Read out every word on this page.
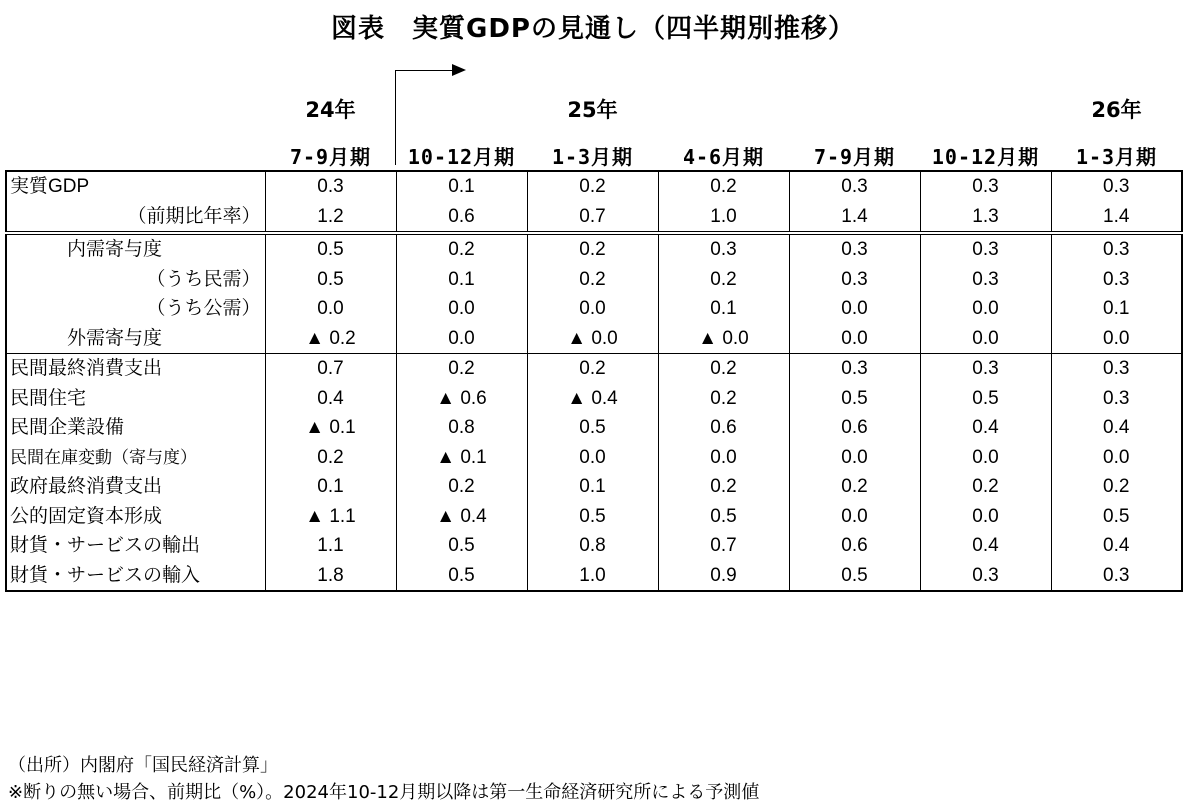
図表　実質GDPの見通し（四半期別推移）
24年	25年	26年
7-9月期	10-12月期	1-3月期	4-6月期	7-9月期	10-12月期	1-3月期
実質GDP	0.3	0.1	0.2	0.2	0.3	0.3	0.3
（前期比年率）	1.2	0.6	0.7	1.0	1.4	1.3	1.4
内需寄与度	0.5	0.2	0.2	0.3	0.3	0.3	0.3
（うち民需）	0.5	0.1	0.2	0.2	0.3	0.3	0.3
（うち公需）	0.0	0.0	0.0	0.1	0.0	0.0	0.1
外需寄与度	▲ 0.2	0.0	▲ 0.0	▲ 0.0	0.0	0.0	0.0
民間最終消費支出	0.7	0.2	0.2	0.2	0.3	0.3	0.3
民間住宅	0.4	▲ 0.6	▲ 0.4	0.2	0.5	0.5	0.3
民間企業設備	▲ 0.1	0.8	0.5	0.6	0.6	0.4	0.4
民間在庫変動（寄与度）	0.2	▲ 0.1	0.0	0.0	0.0	0.0	0.0
政府最終消費支出	0.1	0.2	0.1	0.2	0.2	0.2	0.2
公的固定資本形成	▲ 1.1	▲ 0.4	0.5	0.5	0.0	0.0	0.5
財貨・サービスの輸出	1.1	0.5	0.8	0.7	0.6	0.4	0.4
財貨・サービスの輸入	1.8	0.5	1.0	0.9	0.5	0.3	0.3
（出所）内閣府「国民経済計算」
※断りの無い場合、前期比（%）。2024年10-12月期以降は第一生命経済研究所による予測値
